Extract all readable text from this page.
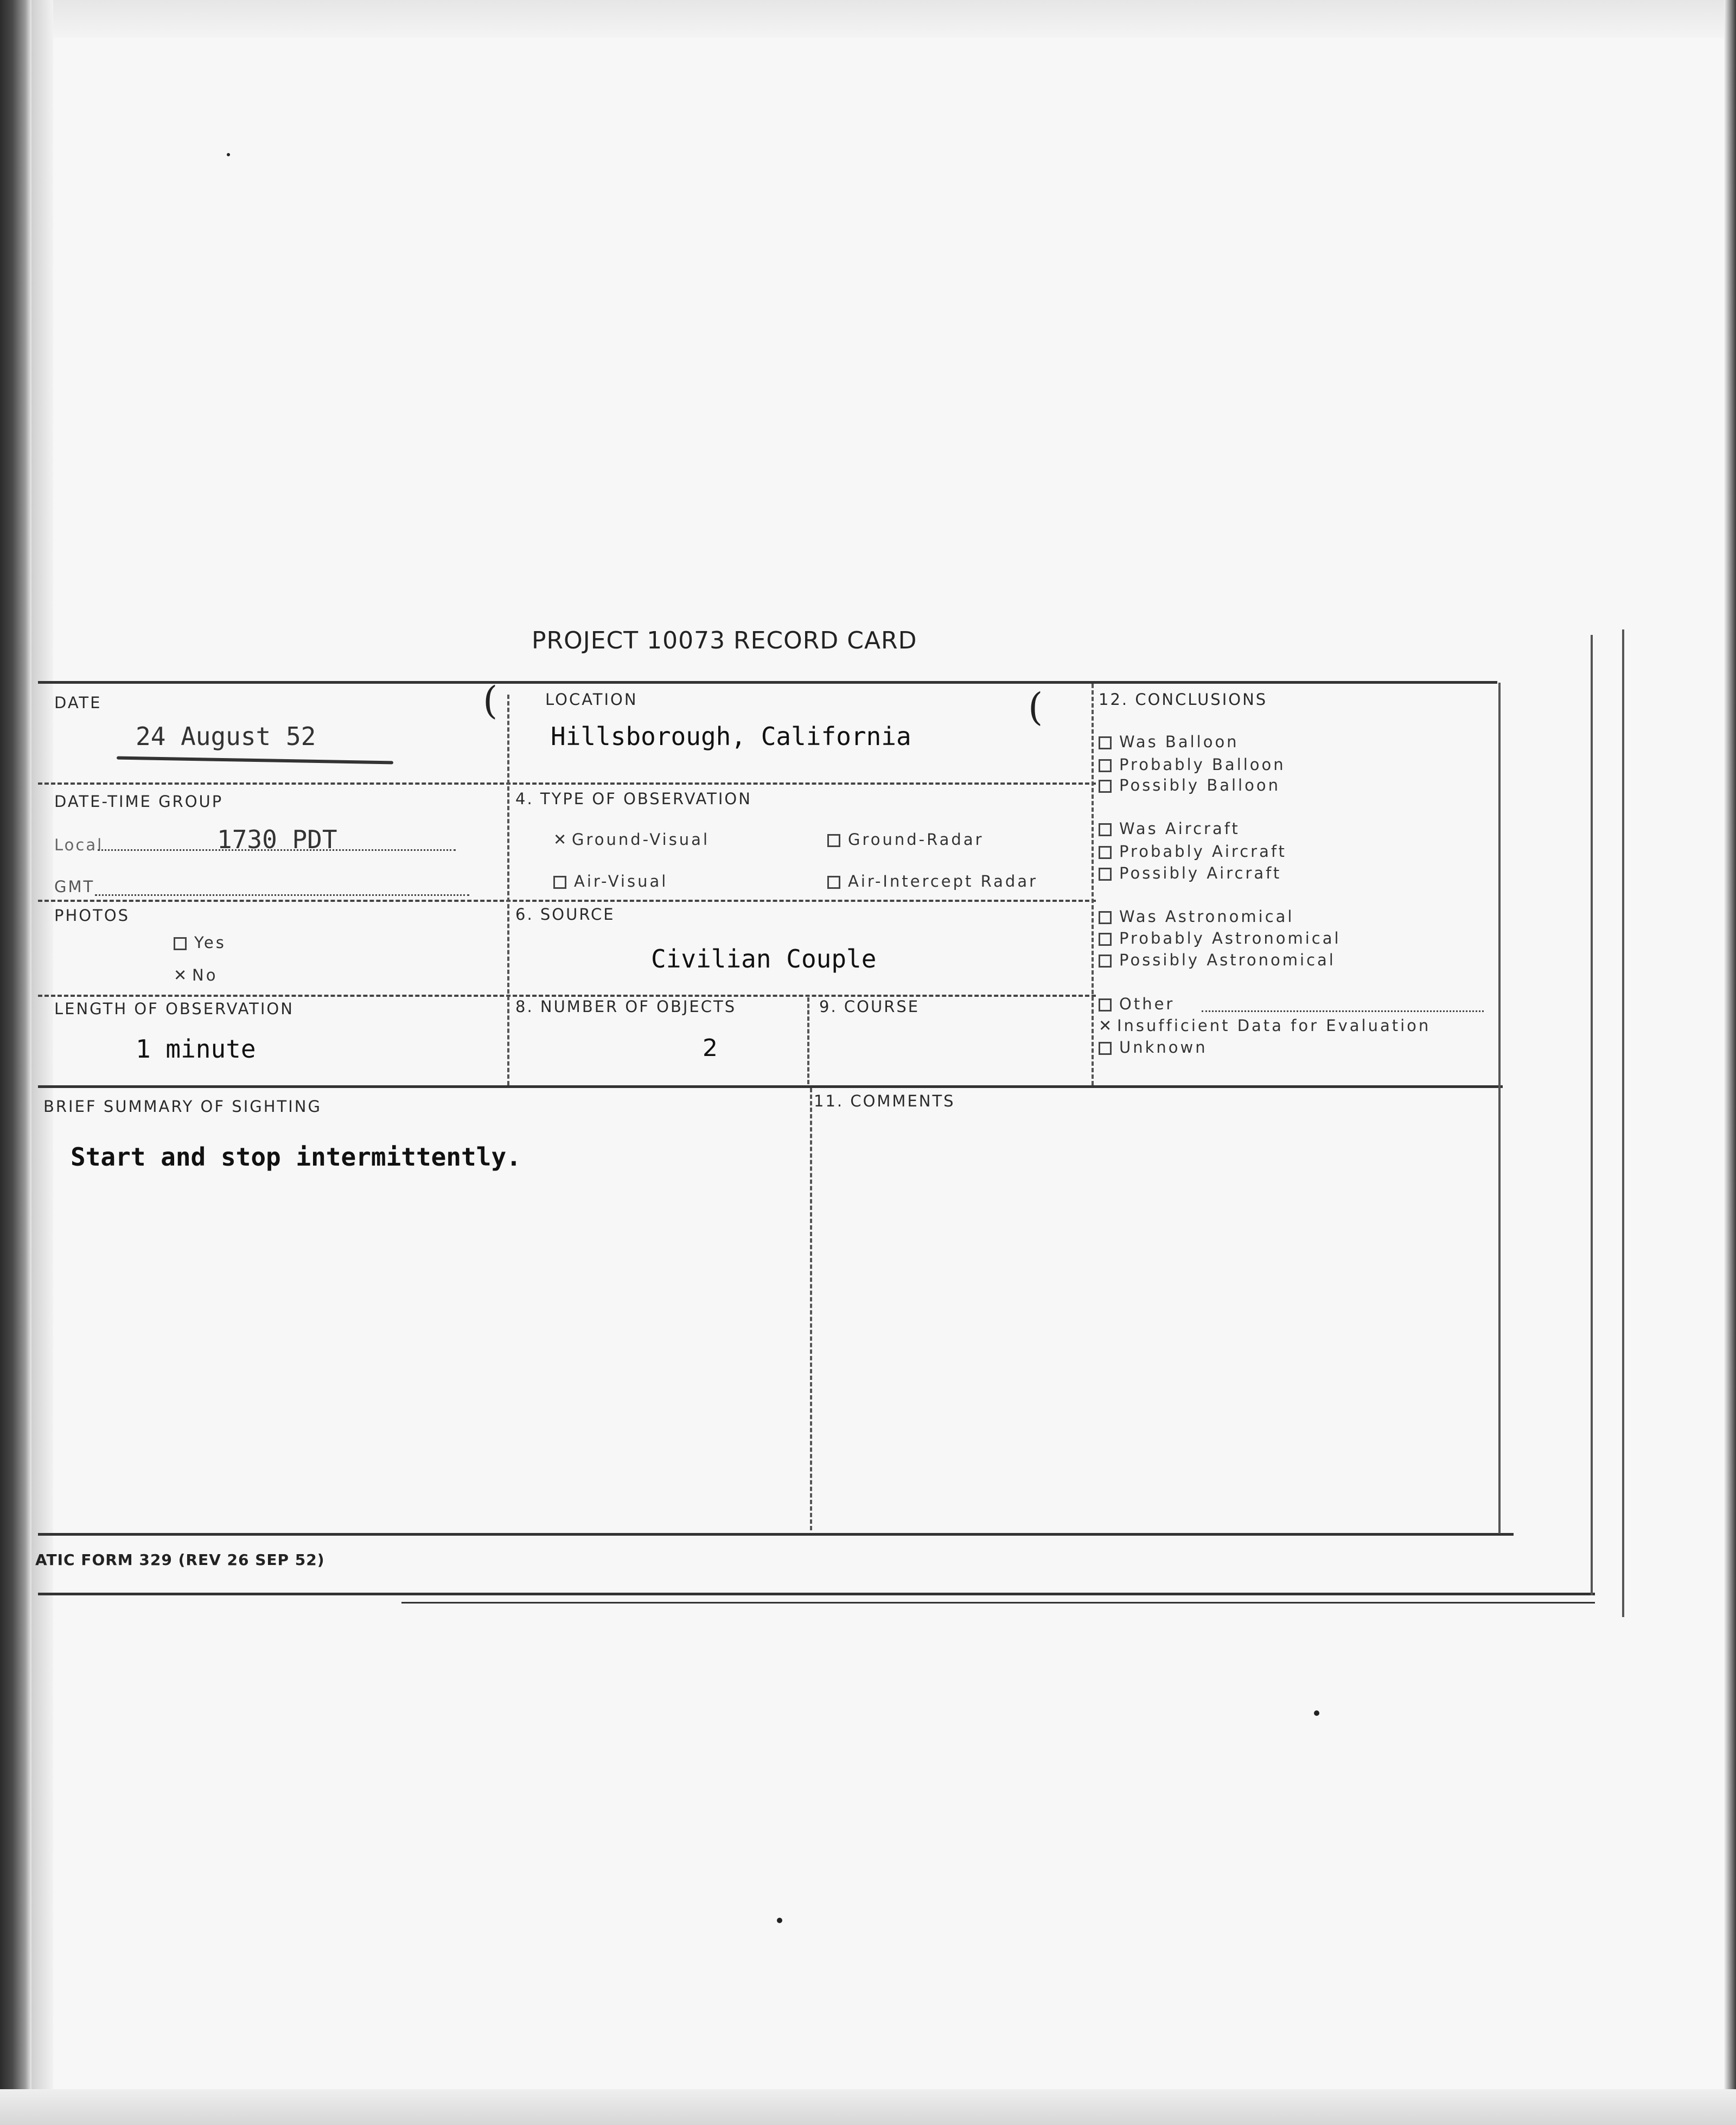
PROJECT 10073 RECORD CARD
DATE
24 August 52
(	LOCATION
Hillsborough, California
(
DATE-TIME GROUP
Local	1730 PDT
GMT
4. TYPE OF OBSERVATION
✕ Ground-Visual	Ground-Radar
Air-Visual	Air-Intercept Radar
PHOTOS
Yes
✕ No
6. SOURCE
Civilian Couple
LENGTH OF OBSERVATION
1 minute
8. NUMBER OF OBJECTS
2
9. COURSE
BRIEF SUMMARY OF SIGHTING
Start and stop intermittently.
11. COMMENTS
12. CONCLUSIONS
Was Balloon
Probably Balloon
Possibly Balloon
Was Aircraft
Probably Aircraft
Possibly Aircraft
Was Astronomical
Probably Astronomical
Possibly Astronomical
Other
✕ Insufficient Data for Evaluation
Unknown
ATIC FORM 329 (REV 26 SEP 52)
